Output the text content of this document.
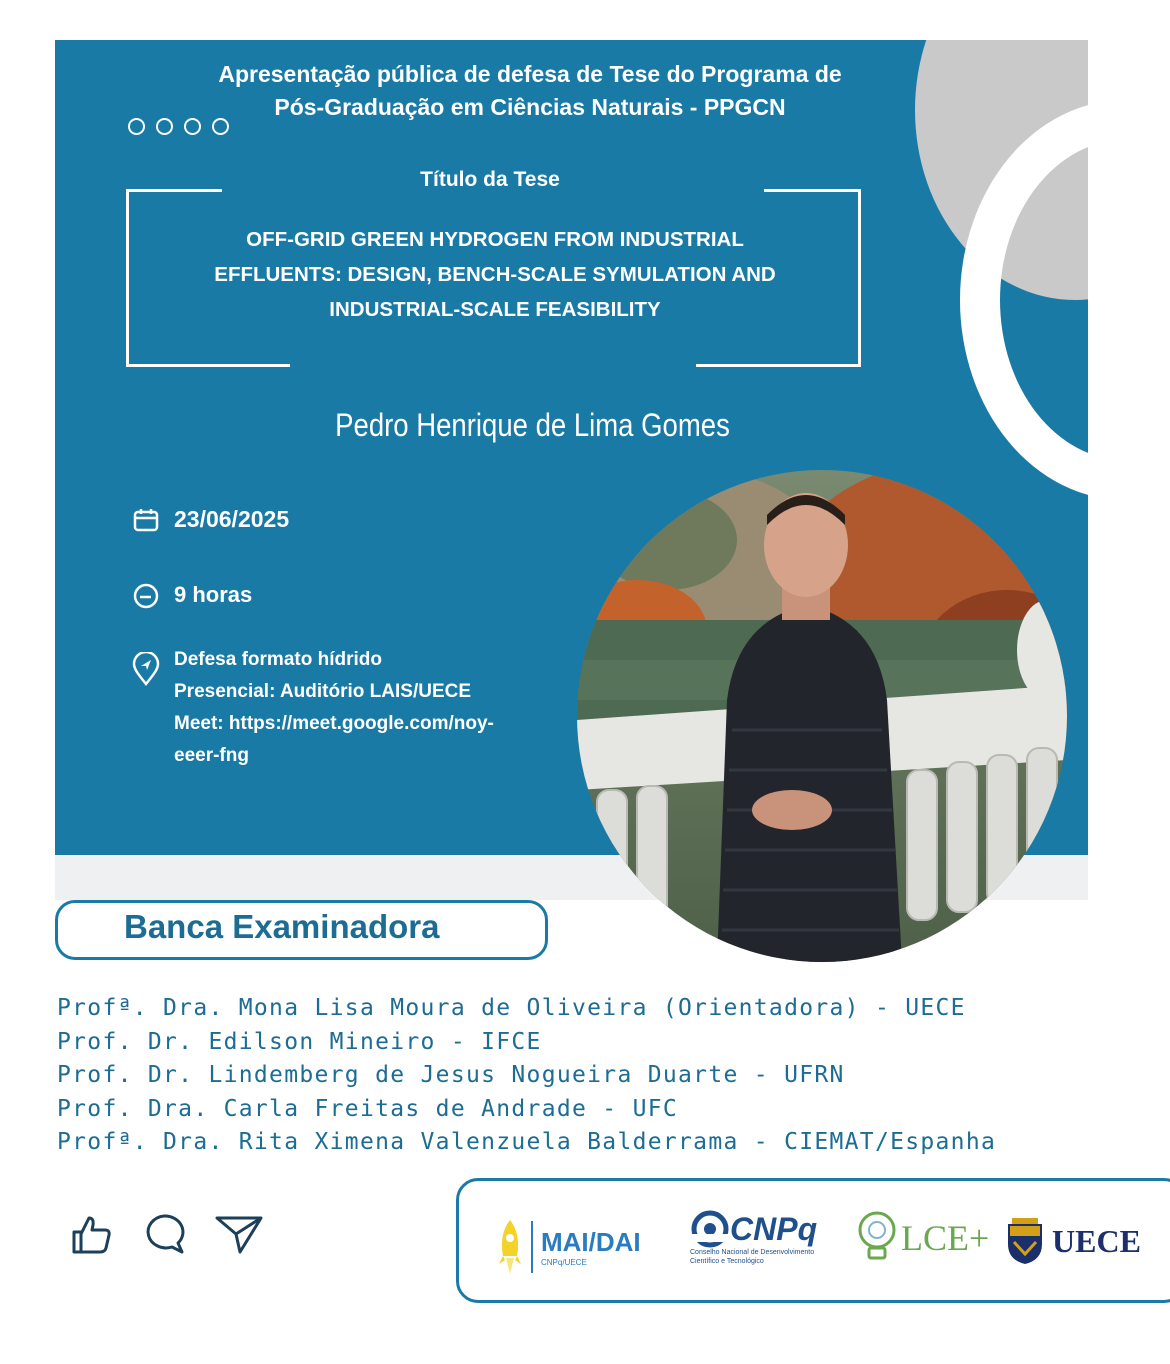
Apresentação pública de defesa de Tese do Programa de
Pós-Graduação em Ciências Naturais - PPGCN

Título da Tese

OFF-GRID GREEN HYDROGEN FROM INDUSTRIAL
EFFLUENTS: DESIGN, BENCH-SCALE SYMULATION AND
INDUSTRIAL-SCALE FEASIBILITY

Pedro Henrique de Lima Gomes
23/06/2025
9 horas
Defesa formato hídrido
Presencial: Auditório LAIS/UECE
Meet: https://meet.google.com/noy-
eeer-fng
Banca Examinadora
Profª. Dra. Mona Lisa Moura de Oliveira (Orientadora) - UECE
Prof. Dr. Edilson Mineiro - IFCE
Prof. Dr. Lindemberg de Jesus Nogueira Duarte - UFRN
Prof. Dra. Carla Freitas de Andrade - UFC
Profª. Dra. Rita Ximena Valenzuela Balderrama - CIEMAT/Espanha
MAI/DAI
CNPq/UECE
CNPq
Conselho Nacional de Desenvolvimento
Científico e Tecnológico
LCE+ UECE
